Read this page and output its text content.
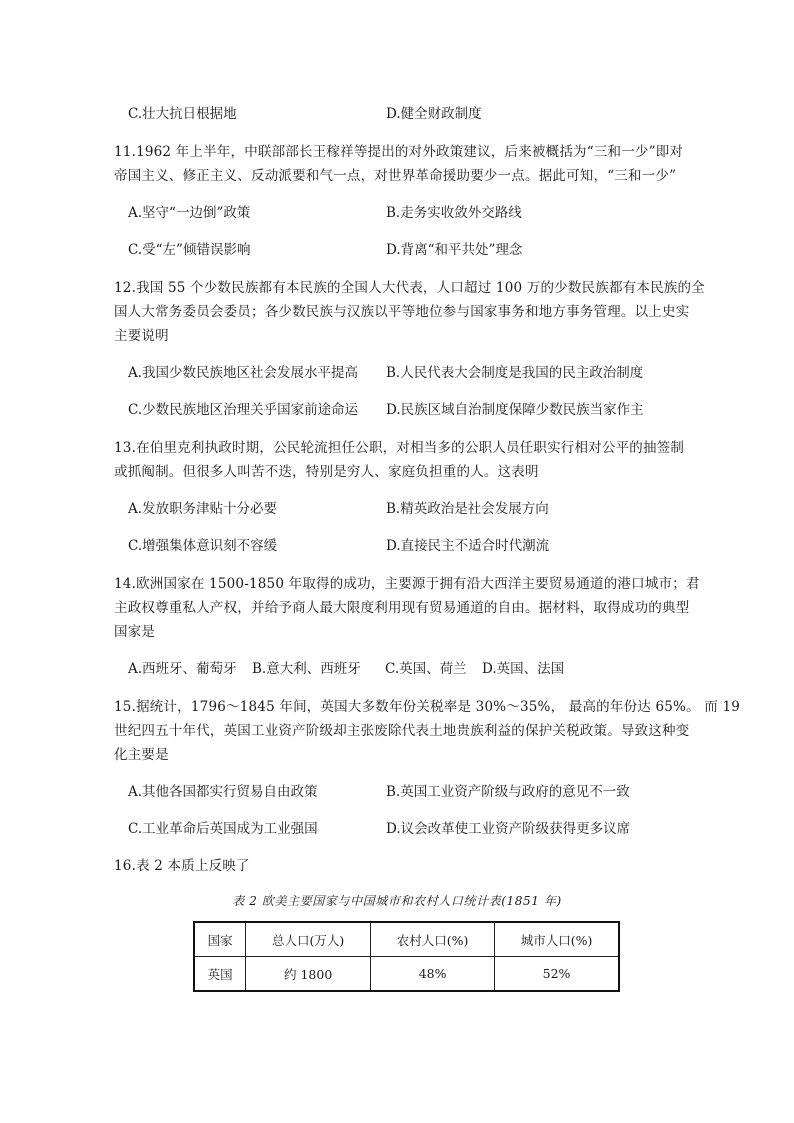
C.壮大抗日根据地	D.健全财政制度
11.1962 年上半年，中联部部长王稼祥等提出的对外政策建议，后来被概括为“三和一少”即对
帝国主义、修正主义、反动派要和气一点，对世界革命援助要少一点。据此可知，“三和一少”
A.坚守“一边倒”政策	B.走务实收敛外交路线
C.受“左”倾错误影响	D.背离“和平共处”理念
12.我国 55 个少数民族都有本民族的全国人大代表，人口超过 100 万的少数民族都有本民族的全
国人大常务委员会委员；各少数民族与汉族以平等地位参与国家事务和地方事务管理。以上史实
主要说明
A.我国少数民族地区社会发展水平提高 B.人民代表大会制度是我国的民主政治制度
C.少数民族地区治理关乎国家前途命运 D.民族区域自治制度保障少数民族当家作主
13.在伯里克利执政时期，公民轮流担任公职，对相当多的公职人员任职实行相对公平的抽签制
或抓阄制。但很多人叫苦不迭，特别是穷人、家庭负担重的人。这表明
A.发放职务津贴十分必要	B.精英政治是社会发展方向
C.增强集体意识刻不容缓	D.直接民主不适合时代潮流
14.欧洲国家在 1500-1850 年取得的成功，主要源于拥有沿大西洋主要贸易通道的港口城市；君
主政权尊重私人产权，并给予商人最大限度利用现有贸易通道的自由。据材料，取得成功的典型
国家是
A.西班牙、葡萄牙 B.意大利、西班牙 C.英国、荷兰 D.英国、法国
15.据统计，1796～1845 年间，英国大多数年份关税率是 30%～35%， 最高的年份达 65%。 而 19
世纪四五十年代，英国工业资产阶级却主张废除代表土地贵族利益的保护关税政策。导致这种变
化主要是
A.其他各国都实行贸易自由政策	B.英国工业资产阶级与政府的意见不一致
C.工业革命后英国成为工业强国	D.议会改革使工业资产阶级获得更多议席
16.表 2 本质上反映了
表 2 欧美主要国家与中国城市和农村人口统计表(1851 年)
国家	总人口(万人)	农村人口(%)	城市人口(%)
英国	约 1800	48%	52%
